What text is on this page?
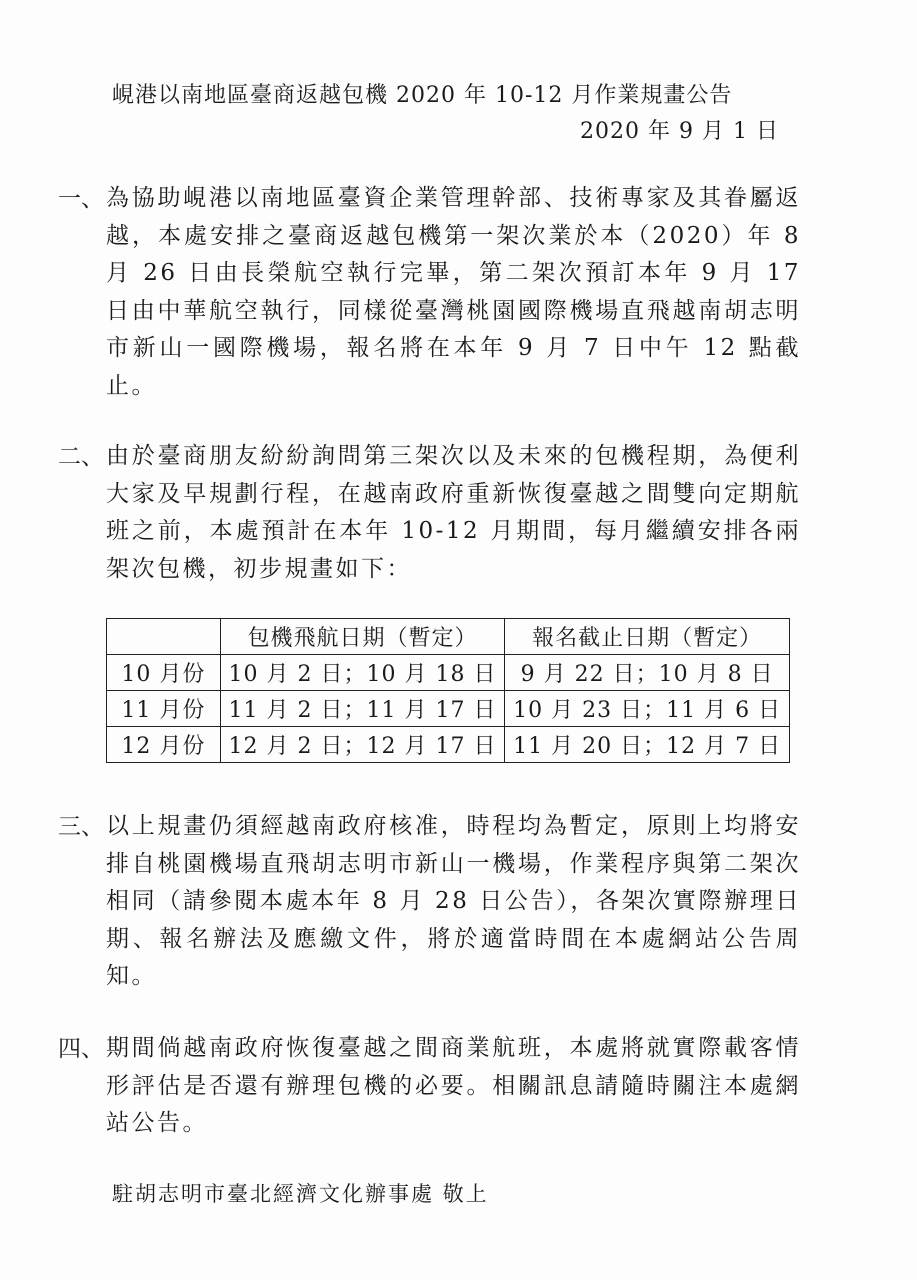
峴港以南地區臺商返越包機 2020 年 10-12 月作業規畫公告
2020 年 9 月 1 日
一、 為協助峴港以南地區臺資企業管理幹部、技術專家及其眷屬返越，本處安排之臺商返越包機第一架次業於本（2020）年 8 月 26 日由長榮航空執行完畢，第二架次預訂本年 9 月 17 日由中華航空執行，同樣從臺灣桃園國際機場直飛越南胡志明市新山一國際機場，報名將在本年 9 月 7 日中午 12 點截止。
二、 由於臺商朋友紛紛詢問第三架次以及未來的包機程期，為便利大家及早規劃行程，在越南政府重新恢復臺越之間雙向定期航班之前，本處預計在本年 10-12 月期間，每月繼續安排各兩架次包機，初步規畫如下：
	包機飛航日期（暫定）	報名截止日期（暫定）
10 月份	10 月 2 日；10 月 18 日	9 月 22 日；10 月 8 日
11 月份	11 月 2 日；11 月 17 日	10 月 23 日；11 月 6 日
12 月份	12 月 2 日；12 月 17 日	11 月 20 日；12 月 7 日
三、 以上規畫仍須經越南政府核准，時程均為暫定，原則上均將安排自桃園機場直飛胡志明市新山一機場，作業程序與第二架次相同（請參閱本處本年 8 月 28 日公告），各架次實際辦理日期、報名辦法及應繳文件，將於適當時間在本處網站公告周知。
四、 期間倘越南政府恢復臺越之間商業航班，本處將就實際載客情形評估是否還有辦理包機的必要。相關訊息請隨時關注本處網站公告。
駐胡志明市臺北經濟文化辦事處 敬上
